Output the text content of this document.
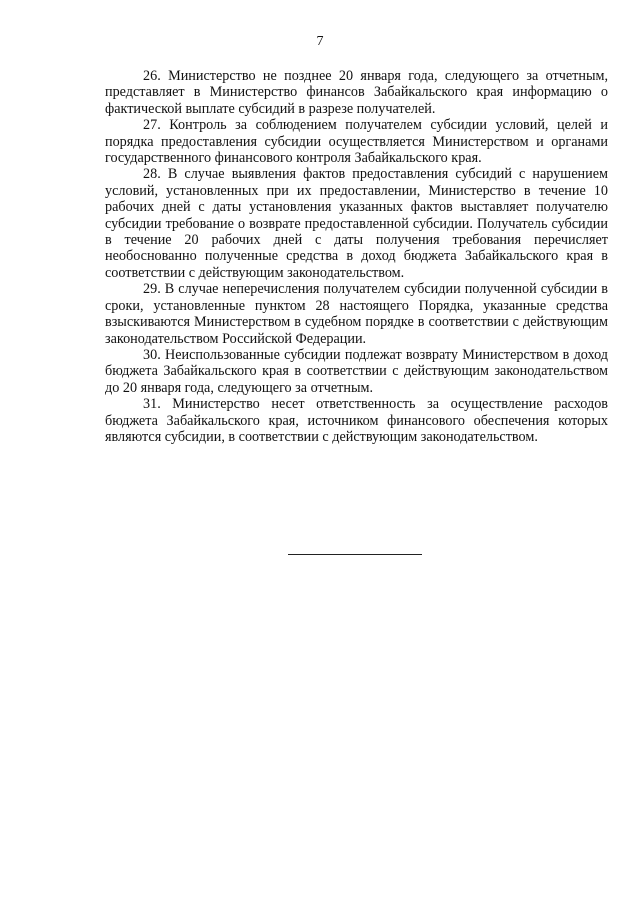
7

26. Министерство не позднее 20 января года, следующего за отчетным, представляет в Министерство финансов Забайкальского края информацию о фактической выплате субсидий в разрезе получателей.

27. Контроль за соблюдением получателем субсидии условий, целей и порядка предоставления субсидии осуществляется Министерством и органами государственного финансового контроля Забайкальского края.

28. В случае выявления фактов предоставления субсидий с нарушением условий, установленных при их предоставлении, Министерство в течение 10 рабочих дней с даты установления указанных фактов выставляет получателю субсидии требование о возврате предоставленной субсидии. Получатель субсидии в течение 20 рабочих дней с даты получения требования перечисляет необоснованно полученные средства в доход бюджета Забайкальского края в соответствии с действующим законодательством.

29. В случае неперечисления получателем субсидии полученной субсидии в сроки, установленные пунктом 28 настоящего Порядка, указанные средства взыскиваются Министерством в судебном порядке в соответствии с действующим законодательством Российской Федерации.

30. Неиспользованные субсидии подлежат возврату Министерством в доход бюджета Забайкальского края в соответствии с действующим законодательством до 20 января года, следующего за отчетным.

31. Министерство несет ответственность за осуществление расходов бюджета Забайкальского края, источником финансового обеспечения которых являются субсидии, в соответствии с действующим законодательством.
